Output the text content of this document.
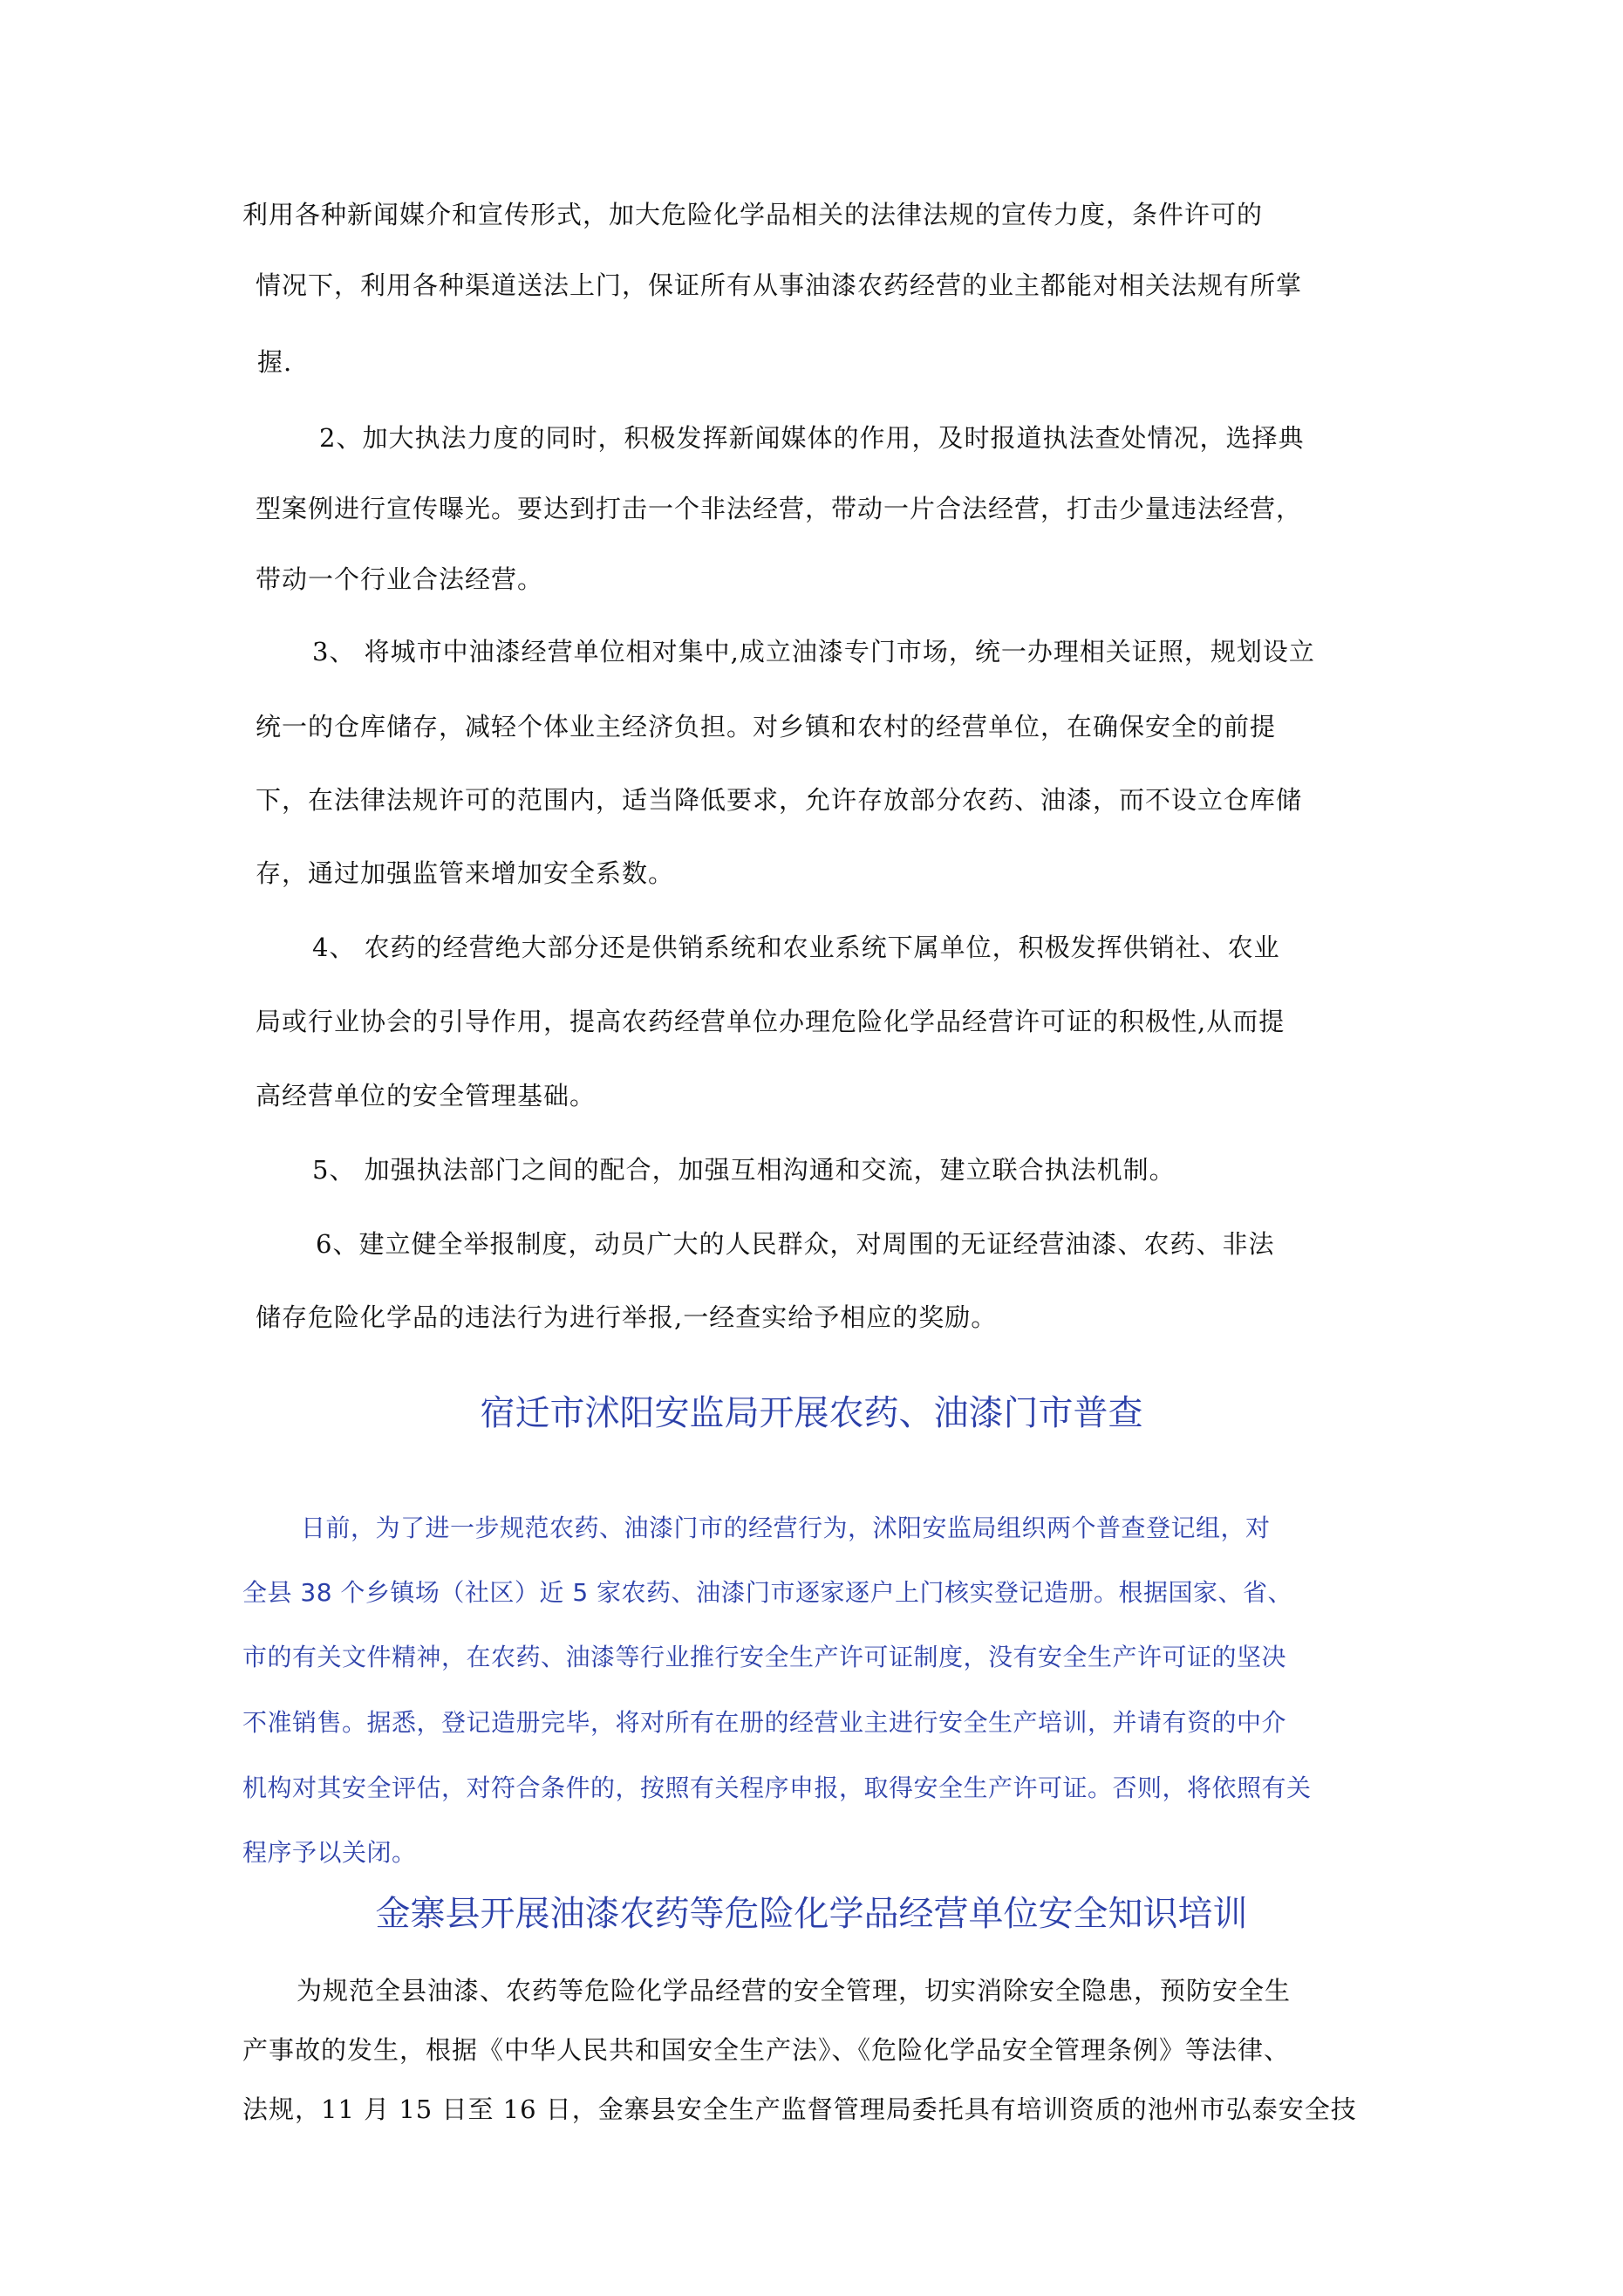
利用各种新闻媒介和宣传形式，加大危险化学品相关的法律法规的宣传力度，条件许可的
情况下，利用各种渠道送法上门，保证所有从事油漆农药经营的业主都能对相关法规有所掌
握.
2、加大执法力度的同时，积极发挥新闻媒体的作用，及时报道执法查处情况，选择典
型案例进行宣传曝光。要达到打击一个非法经营，带动一片合法经营，打击少量违法经营，
带动一个行业合法经营。
3、 将城市中油漆经营单位相对集中,成立油漆专门市场，统一办理相关证照，规划设立
统一的仓库储存，减轻个体业主经济负担。对乡镇和农村的经营单位，在确保安全的前提
下，在法律法规许可的范围内，适当降低要求，允许存放部分农药、油漆，而不设立仓库储
存，通过加强监管来增加安全系数。
4、 农药的经营绝大部分还是供销系统和农业系统下属单位，积极发挥供销社、农业
局或行业协会的引导作用，提高农药经营单位办理危险化学品经营许可证的积极性,从而提
高经营单位的安全管理基础。
5、 加强执法部门之间的配合，加强互相沟通和交流，建立联合执法机制。
6、建立健全举报制度，动员广大的人民群众，对周围的无证经营油漆、农药、非法
储存危险化学品的违法行为进行举报,一经查实给予相应的奖励。
宿迁市沭阳安监局开展农药、油漆门市普查
日前，为了进一步规范农药、油漆门市的经营行为，沭阳安监局组织两个普查登记组，对
全县 38 个乡镇场（社区）近 5 家农药、油漆门市逐家逐户上门核实登记造册。根据国家、省、
市的有关文件精神，在农药、油漆等行业推行安全生产许可证制度，没有安全生产许可证的坚决
不准销售。据悉，登记造册完毕，将对所有在册的经营业主进行安全生产培训，并请有资的中介
机构对其安全评估，对符合条件的，按照有关程序申报，取得安全生产许可证。否则，将依照有关
程序予以关闭。
金寨县开展油漆农药等危险化学品经营单位安全知识培训
为规范全县油漆、农药等危险化学品经营的安全管理，切实消除安全隐患，预防安全生
产事故的发生，根据《中华人民共和国安全生产法》、《危险化学品安全管理条例》等法律、
法规，11 月 15 日至 16 日，金寨县安全生产监督管理局委托具有培训资质的池州市弘泰安全技
